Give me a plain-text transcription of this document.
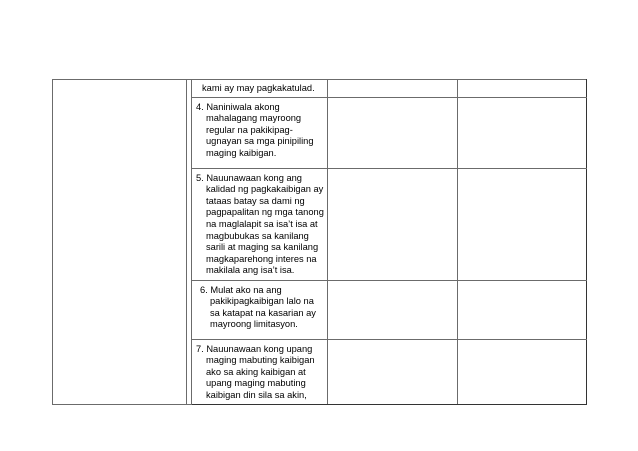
		kami ay may pagkakatulad.		

		4. Naniniwala akong mahalagang mayroong regular na pakikipag-ugnayan sa mga pinipiling maging kaibigan.		

		5. Nauunawaan kong ang kalidad ng pagkakaibigan ay tataas batay sa dami ng pagpapalitan ng mga tanong na maglalapit sa isa’t isa at magbubukas sa kanilang sarili at maging sa kanilang magkaparehong interes na makilala ang isa’t isa.		

		6. Mulat ako na ang pakikipagkaibigan lalo na sa katapat na kasarian ay mayroong limitasyon.		

		7. Nauunawaan kong upang maging mabuting kaibigan ako sa aking kaibigan at upang maging mabuting kaibigan din sila sa akin,		
